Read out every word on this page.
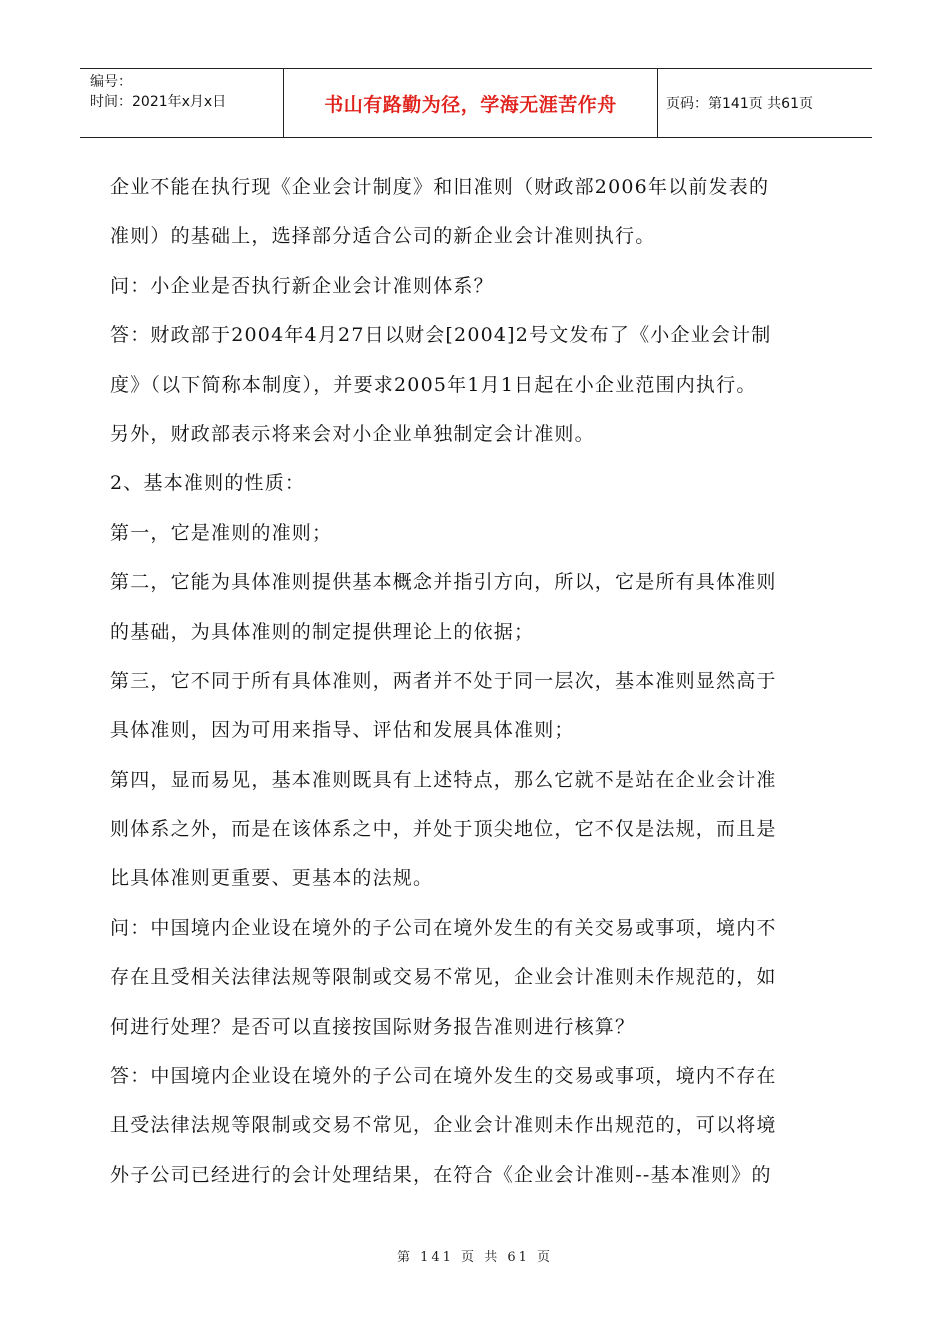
编号：
时间：2021年x月x日	书山有路勤为径，学海无涯苦作舟	页码：第141页 共61页
企业不能在执行现《企业会计制度》和旧准则（财政部2006年以前发表的
准则）的基础上，选择部分适合公司的新企业会计准则执行。
问：小企业是否执行新企业会计准则体系？
答：财政部于2004年4月27日以财会[2004]2号文发布了《小企业会计制
度》（以下简称本制度），并要求2005年1月1日起在小企业范围内执行。
另外，财政部表示将来会对小企业单独制定会计准则。
2、基本准则的性质：
第一，它是准则的准则；
第二，它能为具体准则提供基本概念并指引方向，所以，它是所有具体准则
的基础，为具体准则的制定提供理论上的依据；
第三，它不同于所有具体准则，两者并不处于同一层次，基本准则显然高于
具体准则，因为可用来指导、评估和发展具体准则；
第四，显而易见，基本准则既具有上述特点，那么它就不是站在企业会计准
则体系之外，而是在该体系之中，并处于顶尖地位，它不仅是法规，而且是
比具体准则更重要、更基本的法规。
问：中国境内企业设在境外的子公司在境外发生的有关交易或事项，境内不
存在且受相关法律法规等限制或交易不常见，企业会计准则未作规范的，如
何进行处理？是否可以直接按国际财务报告准则进行核算？
答：中国境内企业设在境外的子公司在境外发生的交易或事项，境内不存在
且受法律法规等限制或交易不常见，企业会计准则未作出规范的，可以将境
外子公司已经进行的会计处理结果，在符合《企业会计准则--基本准则》的
第 141 页 共 61 页
